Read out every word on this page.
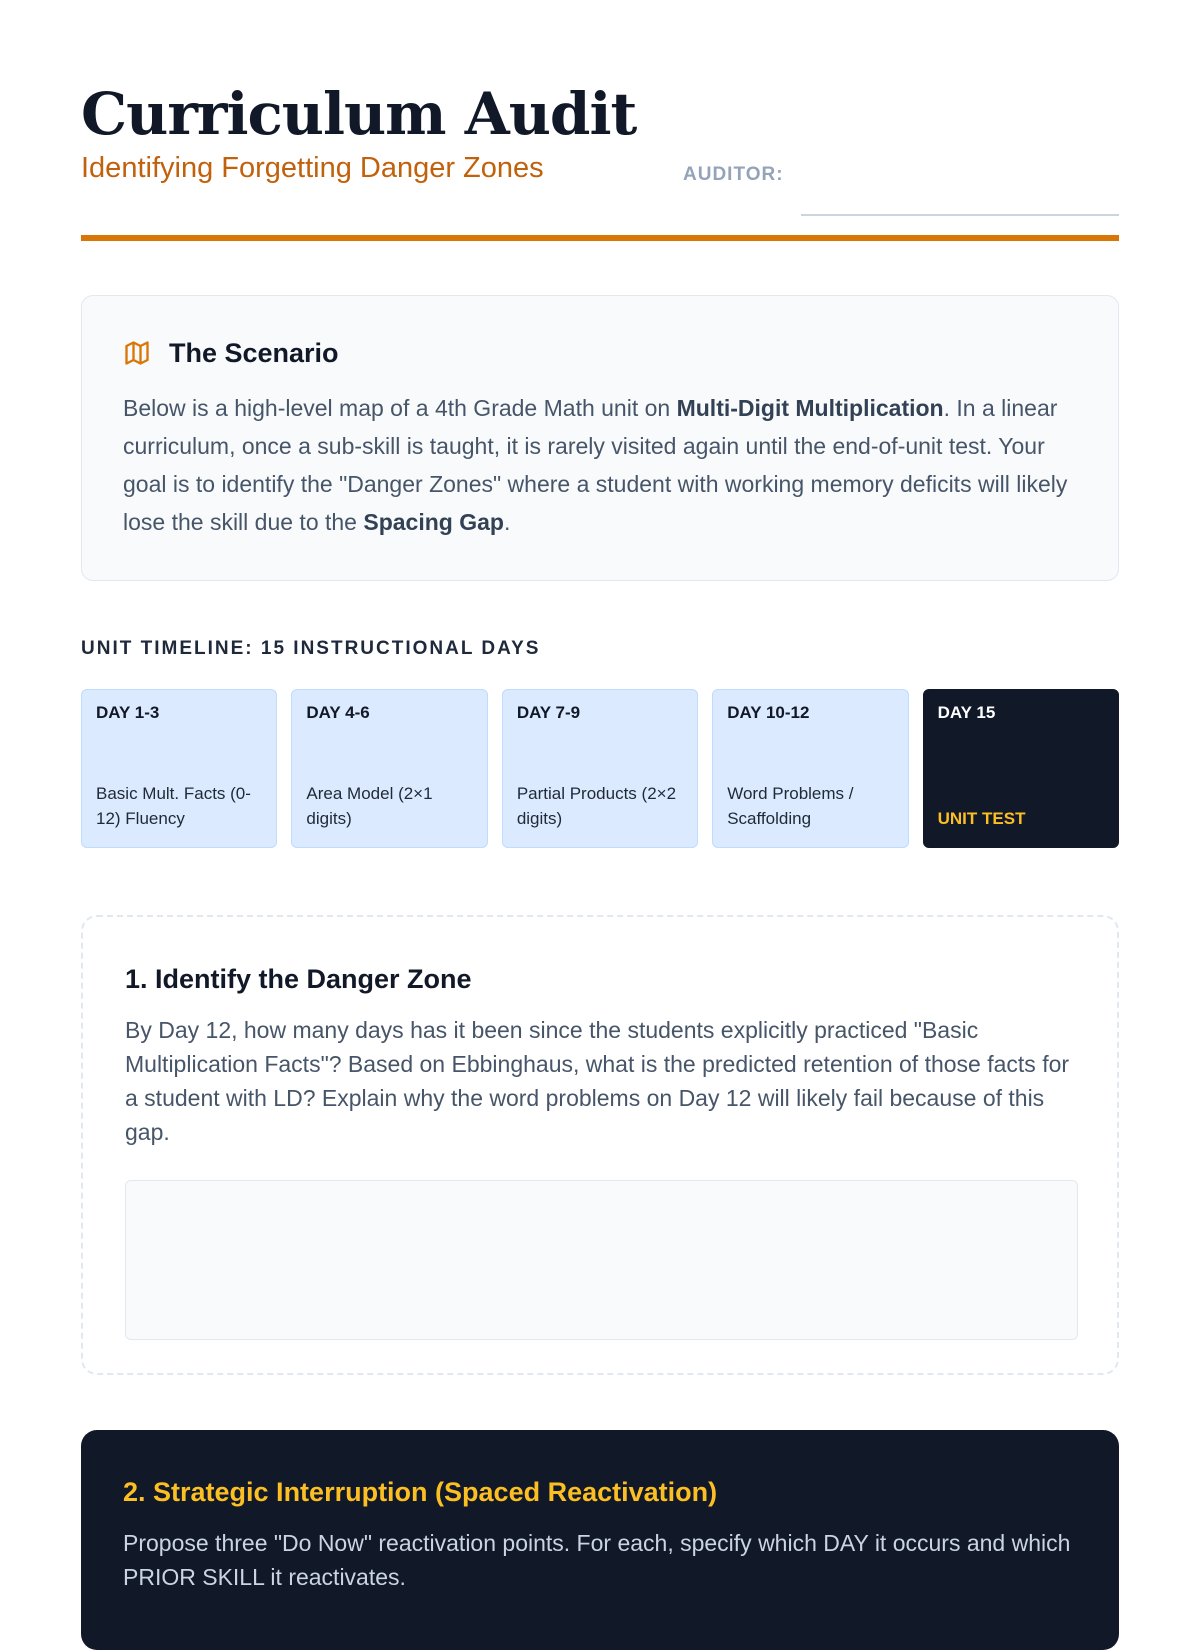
Curriculum Audit
Identifying Forgetting Danger Zones	AUDITOR:
The Scenario

Below is a high-level map of a 4th Grade Math unit on Multi-Digit Multiplication. In a linear curriculum, once a sub-skill is taught, it is rarely visited again until the end-of-unit test. Your goal is to identify the "Danger Zones" where a student with working memory deficits will likely lose the skill due to the Spacing Gap.

UNIT TIMELINE: 15 INSTRUCTIONAL DAYS
DAY 1-3
Basic Mult. Facts (0-12) Fluency
DAY 4-6
Area Model (2×1 digits)
DAY 7-9
Partial Products (2×2 digits)
DAY 10-12
Word Problems / Scaffolding
DAY 15
UNIT TEST
1. Identify the Danger Zone

By Day 12, how many days has it been since the students explicitly practiced "Basic Multiplication Facts"? Based on Ebbinghaus, what is the predicted retention of those facts for a student with LD? Explain why the word problems on Day 12 will likely fail because of this gap.

2. Strategic Interruption (Spaced Reactivation)

Propose three "Do Now" reactivation points. For each, specify which DAY it occurs and which PRIOR SKILL it reactivates.
